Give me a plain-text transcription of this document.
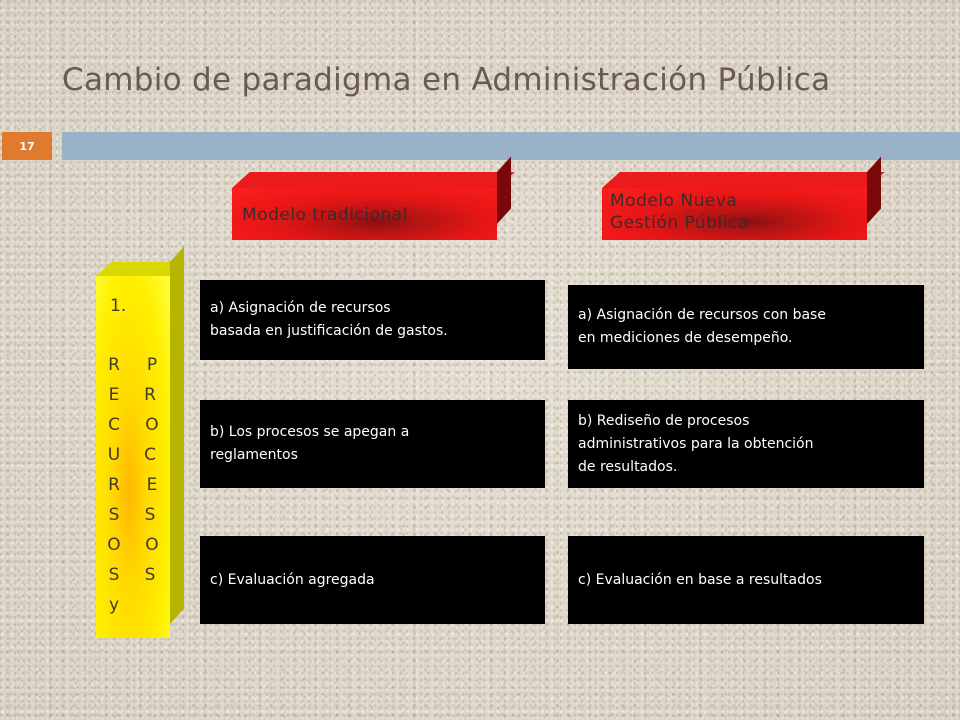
Cambio de paradigma en Administración Pública
17
Modelo tradicional
Modelo Nueva
Gestión Pública
1.
R
E
C
U
R
S
O
S
y
P
R
O
C
E
S
O
S
a) Asignación de recursos
basada en justificación de gastos.
b) Los procesos se apegan a
reglamentos
c) Evaluación agregada
a) Asignación de recursos con base
en mediciones de desempeño.
b) Rediseño de procesos
administrativos para la obtención
de resultados.
c) Evaluación en base a resultados
